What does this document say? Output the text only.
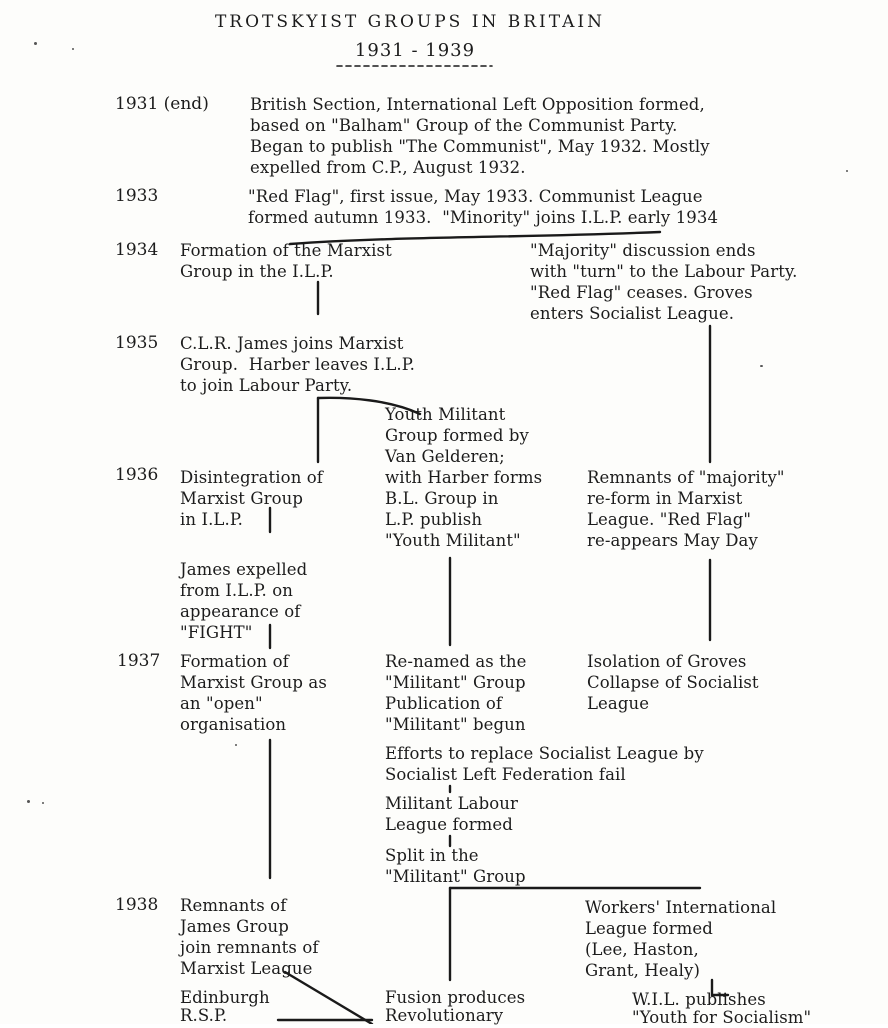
TROTSKYIST GROUPS IN BRITAIN
1931 - 1939
1931 (end)
1933
1934
1935
1936
1937
1938
British Section, International Left Opposition formed,
based on "Balham" Group of the Communist Party.
Began to publish "The Communist", May 1932. Mostly
expelled from C.P., August 1932.
"Red Flag", first issue, May 1933. Communist League
formed autumn 1933.  "Minority" joins I.L.P. early 1934
Formation of the Marxist
Group in the I.L.P.
"Majority" discussion ends
with "turn" to the Labour Party.
"Red Flag" ceases. Groves
enters Socialist League.
C.L.R. James joins Marxist
Group.  Harber leaves I.L.P.
to join Labour Party.
Youth Militant
Group formed by
Van Gelderen;
with Harber forms
B.L. Group in
L.P. publish
"Youth Militant"
Disintegration of
Marxist Group
in I.L.P.
Remnants of "majority"
re-form in Marxist
League. "Red Flag"
re-appears May Day
James expelled
from I.L.P. on
appearance of
"FIGHT"
Formation of
Marxist Group as
an "open"
organisation
Re-named as the
"Militant" Group
Publication of
"Militant" begun
Isolation of Groves
Collapse of Socialist
League
Efforts to replace Socialist League by
Socialist Left Federation fail
Militant Labour
League formed
Split in the
"Militant" Group
Remnants of
James Group
join remnants of
Marxist League
Workers' International
League formed
(Lee, Haston,
Grant, Healy)
Edinburgh
R.S.P.
Fusion produces
Revolutionary
W.I.L. publishes
"Youth for Socialism"
